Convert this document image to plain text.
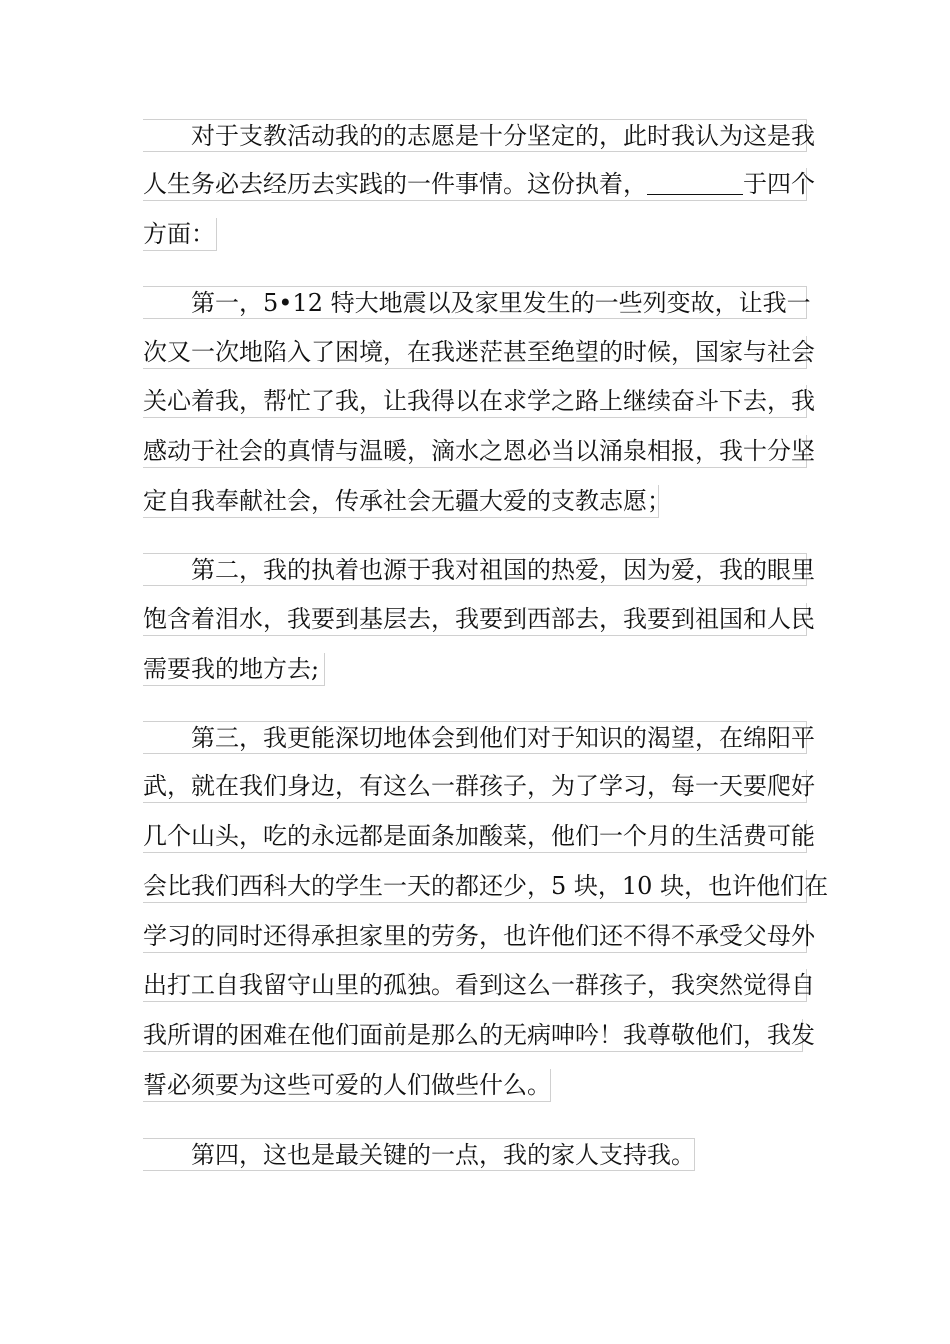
对于支教活动我的的志愿是十分坚定的，此时我认为这是我
人生务必去经历去实践的一件事情。这份执着，	于四个
方面：
第一，5•12 特大地震以及家里发生的一些列变故，让我一
次又一次地陷入了困境，在我迷茫甚至绝望的时候，国家与社会
关心着我，帮忙了我，让我得以在求学之路上继续奋斗下去，我
感动于社会的真情与温暖，滴水之恩必当以涌泉相报，我十分坚
定自我奉献社会，传承社会无疆大爱的支教志愿；
第二，我的执着也源于我对祖国的热爱，因为爱，我的眼里
饱含着泪水，我要到基层去，我要到西部去，我要到祖国和人民
需要我的地方去;
第三，我更能深切地体会到他们对于知识的渴望，在绵阳平
武，就在我们身边，有这么一群孩子，为了学习，每一天要爬好
几个山头，吃的永远都是面条加酸菜，他们一个月的生活费可能
会比我们西科大的学生一天的都还少，5 块，10 块，也许他们在
学习的同时还得承担家里的劳务，也许他们还不得不承受父母外
出打工自我留守山里的孤独。看到这么一群孩子，我突然觉得自
我所谓的困难在他们面前是那么的无病呻吟！我尊敬他们，我发
誓必须要为这些可爱的人们做些什么。
第四，这也是最关键的一点，我的家人支持我。
